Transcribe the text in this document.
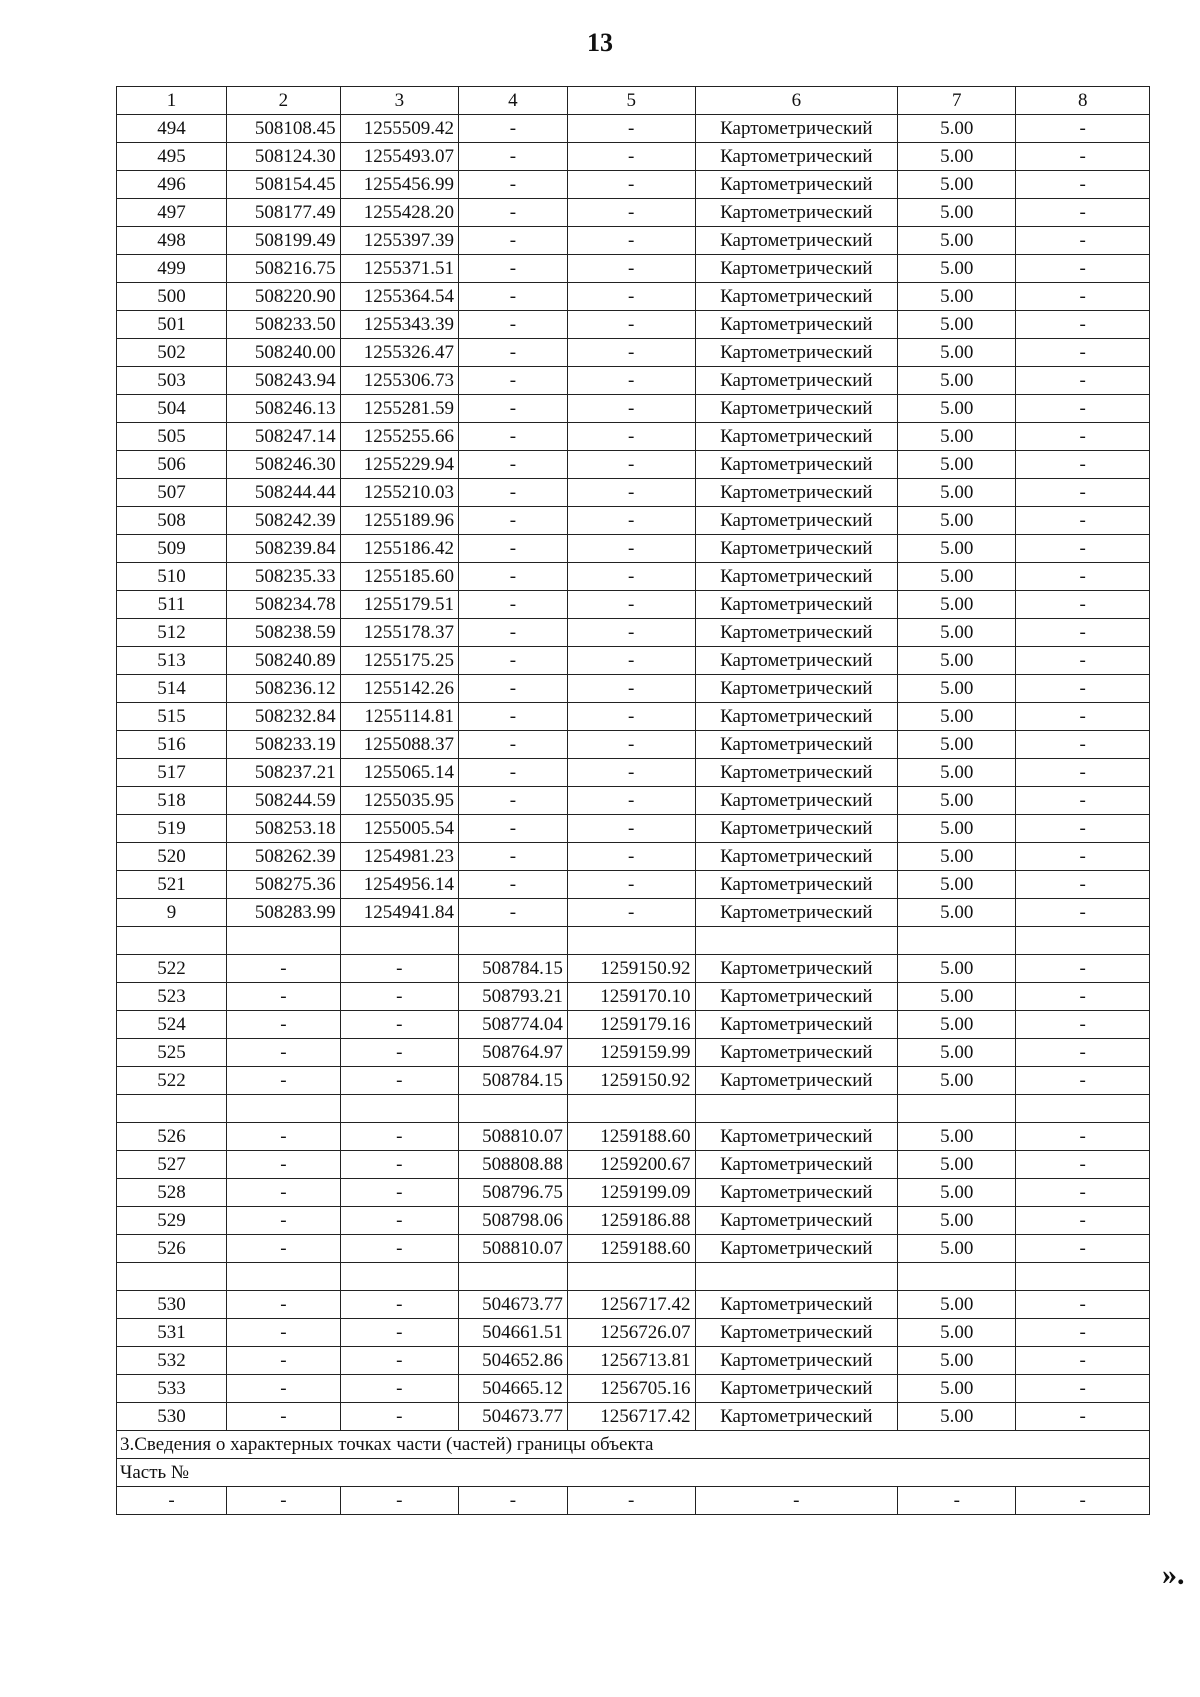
13
1	2	3	4	5	6	7	8
494	508108.45	1255509.42	-	-	Картометрический	5.00	-
495	508124.30	1255493.07	-	-	Картометрический	5.00	-
496	508154.45	1255456.99	-	-	Картометрический	5.00	-
497	508177.49	1255428.20	-	-	Картометрический	5.00	-
498	508199.49	1255397.39	-	-	Картометрический	5.00	-
499	508216.75	1255371.51	-	-	Картометрический	5.00	-
500	508220.90	1255364.54	-	-	Картометрический	5.00	-
501	508233.50	1255343.39	-	-	Картометрический	5.00	-
502	508240.00	1255326.47	-	-	Картометрический	5.00	-
503	508243.94	1255306.73	-	-	Картометрический	5.00	-
504	508246.13	1255281.59	-	-	Картометрический	5.00	-
505	508247.14	1255255.66	-	-	Картометрический	5.00	-
506	508246.30	1255229.94	-	-	Картометрический	5.00	-
507	508244.44	1255210.03	-	-	Картометрический	5.00	-
508	508242.39	1255189.96	-	-	Картометрический	5.00	-
509	508239.84	1255186.42	-	-	Картометрический	5.00	-
510	508235.33	1255185.60	-	-	Картометрический	5.00	-
511	508234.78	1255179.51	-	-	Картометрический	5.00	-
512	508238.59	1255178.37	-	-	Картометрический	5.00	-
513	508240.89	1255175.25	-	-	Картометрический	5.00	-
514	508236.12	1255142.26	-	-	Картометрический	5.00	-
515	508232.84	1255114.81	-	-	Картометрический	5.00	-
516	508233.19	1255088.37	-	-	Картометрический	5.00	-
517	508237.21	1255065.14	-	-	Картометрический	5.00	-
518	508244.59	1255035.95	-	-	Картометрический	5.00	-
519	508253.18	1255005.54	-	-	Картометрический	5.00	-
520	508262.39	1254981.23	-	-	Картометрический	5.00	-
521	508275.36	1254956.14	-	-	Картометрический	5.00	-
9	508283.99	1254941.84	-	-	Картометрический	5.00	-

522	-	-	508784.15	1259150.92	Картометрический	5.00	-
523	-	-	508793.21	1259170.10	Картометрический	5.00	-
524	-	-	508774.04	1259179.16	Картометрический	5.00	-
525	-	-	508764.97	1259159.99	Картометрический	5.00	-
522	-	-	508784.15	1259150.92	Картометрический	5.00	-

526	-	-	508810.07	1259188.60	Картометрический	5.00	-
527	-	-	508808.88	1259200.67	Картометрический	5.00	-
528	-	-	508796.75	1259199.09	Картометрический	5.00	-
529	-	-	508798.06	1259186.88	Картометрический	5.00	-
526	-	-	508810.07	1259188.60	Картометрический	5.00	-

530	-	-	504673.77	1256717.42	Картометрический	5.00	-
531	-	-	504661.51	1256726.07	Картометрический	5.00	-
532	-	-	504652.86	1256713.81	Картометрический	5.00	-
533	-	-	504665.12	1256705.16	Картометрический	5.00	-
530	-	-	504673.77	1256717.42	Картометрический	5.00	-
3.Сведения о характерных точках части (частей) границы объекта							
Часть №							
-	-	-	-	-	-	-	-
».
